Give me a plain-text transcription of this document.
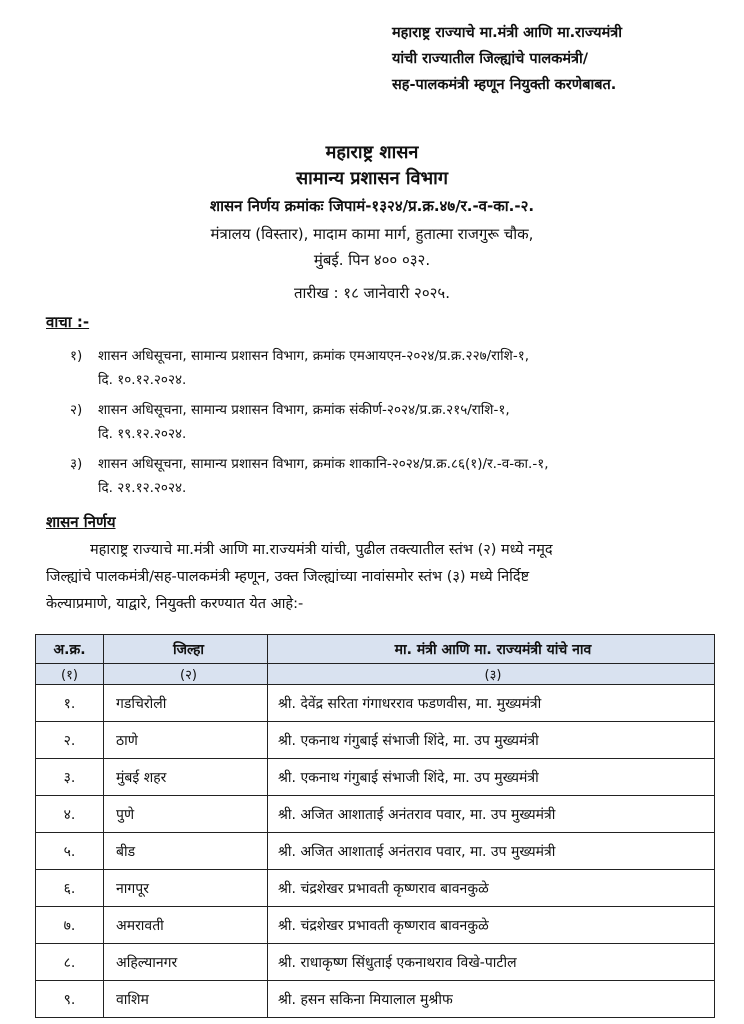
महाराष्ट्र राज्याचे मा.मंत्री आणि मा.राज्यमंत्री
यांची राज्यातील जिल्ह्यांचे पालकमंत्री/
सह-पालकमंत्री म्हणून नियुक्ती करणेबाबत.
महाराष्ट्र शासन
सामान्य प्रशासन विभाग
शासन निर्णय क्रमांकः जिपामं-१३२४/प्र.क्र.४७/र.-व-का.-२.
मंत्रालय (विस्तार), मादाम कामा मार्ग, हुतात्मा राजगुरू चौक,
मुंबई. पिन ४०० ०३२.
तारीख : १८ जानेवारी २०२५.
वाचा :-
१) शासन अधिसूचना, सामान्य प्रशासन विभाग, क्रमांक एमआयएन-२०२४/प्र.क्र.२२७/राशि-१,
दि. १०.१२.२०२४.
२) शासन अधिसूचना, सामान्य प्रशासन विभाग, क्रमांक संकीर्ण-२०२४/प्र.क्र.२१५/राशि-१,
दि. १९.१२.२०२४.
३) शासन अधिसूचना, सामान्य प्रशासन विभाग, क्रमांक शाकानि-२०२४/प्र.क्र.८६(१)/र.-व-का.-१,
दि. २१.१२.२०२४.
शासन निर्णय
महाराष्ट्र राज्याचे मा.मंत्री आणि मा.राज्यमंत्री यांची, पुढील तक्त्यातील स्तंभ (२) मध्ये नमूद
जिल्ह्यांचे पालकमंत्री/सह-पालकमंत्री म्हणून, उक्त जिल्ह्यांच्या नावांसमोर स्तंभ (३) मध्ये निर्दिष्ट
केल्याप्रमाणे, याद्वारे, नियुक्ती करण्यात येत आहे:-
अ.क्र.	जिल्हा	मा. मंत्री आणि मा. राज्यमंत्री यांचे नाव
(१)	(२)	(३)
१.	गडचिरोली	श्री. देवेंद्र सरिता गंगाधरराव फडणवीस, मा. मुख्यमंत्री
२.	ठाणे	श्री. एकनाथ गंगुबाई संभाजी शिंदे, मा. उप मुख्यमंत्री
३.	मुंबई शहर	श्री. एकनाथ गंगुबाई संभाजी शिंदे, मा. उप मुख्यमंत्री
४.	पुणे	श्री. अजित आशाताई अनंतराव पवार, मा. उप मुख्यमंत्री
५.	बीड	श्री. अजित आशाताई अनंतराव पवार, मा. उप मुख्यमंत्री
६.	नागपूर	श्री. चंद्रशेखर प्रभावती कृष्णराव बावनकुळे
७.	अमरावती	श्री. चंद्रशेखर प्रभावती कृष्णराव बावनकुळे
८.	अहिल्यानगर	श्री. राधाकृष्ण सिंधुताई एकनाथराव विखे-पाटील
९.	वाशिम	श्री. हसन सकिना मियालाल मुश्रीफ
